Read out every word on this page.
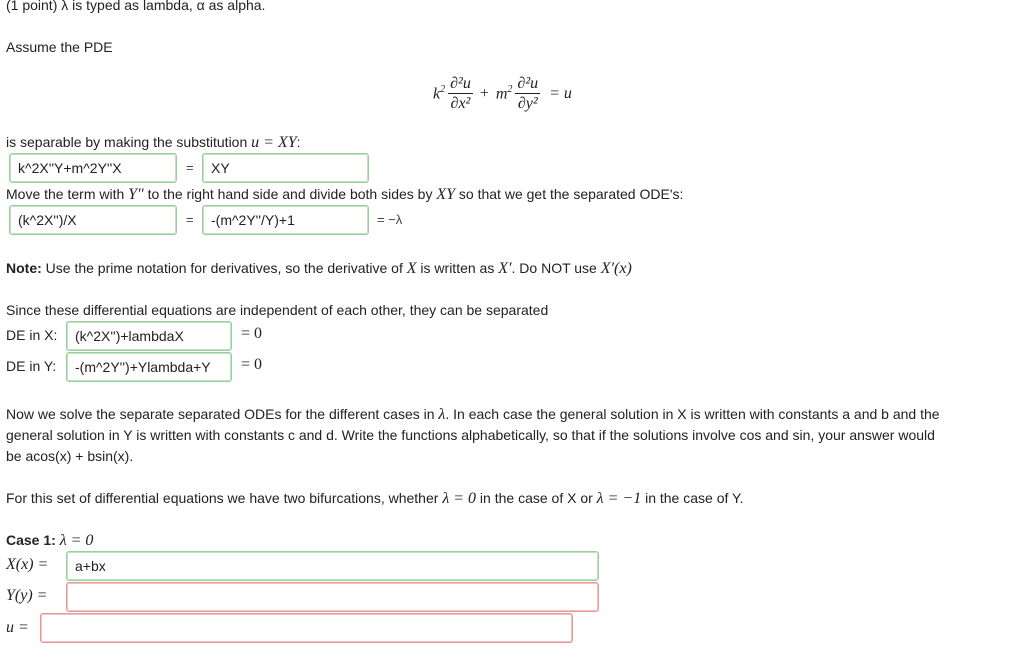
(1 point) λ is typed as lambda, α as alpha.
Assume the PDE
$k^2 \frac{\text{∂²u}}{\text{∂x²}} + m^2 \frac{\text{∂²u}}{\text{∂y²}} = u$
is separable by making the substitution u = XY:
k^2X''Y+m^2Y''X	=	XY
Move the term with Y″ to the right hand side and divide both sides by XY so that we get the separated ODE's:
(k^2X'')/X	=	-(m^2Y''/Y)+1	= −λ
Note: Use the prime notation for derivatives, so the derivative of X is written as X′. Do NOT use X′(x)
Since these differential equations are independent of each other, they can be separated
DE in X:	(k^2X'')+lambdaX	= 0
DE in Y:	-(m^2Y'')+Ylambda+Y	= 0
Now we solve the separate separated ODEs for the different cases in λ. In each case the general solution in X is written with constants a and b and the
general solution in Y is written with constants c and d. Write the functions alphabetically, so that if the solutions involve cos and sin, your answer would
be acos(x) + bsin(x).
For this set of differential equations we have two bifurcations, whether λ = 0 in the case of X or λ = −1 in the case of Y.
Case 1: λ = 0
X(x) =	a+bx
Y(y) =
u =
